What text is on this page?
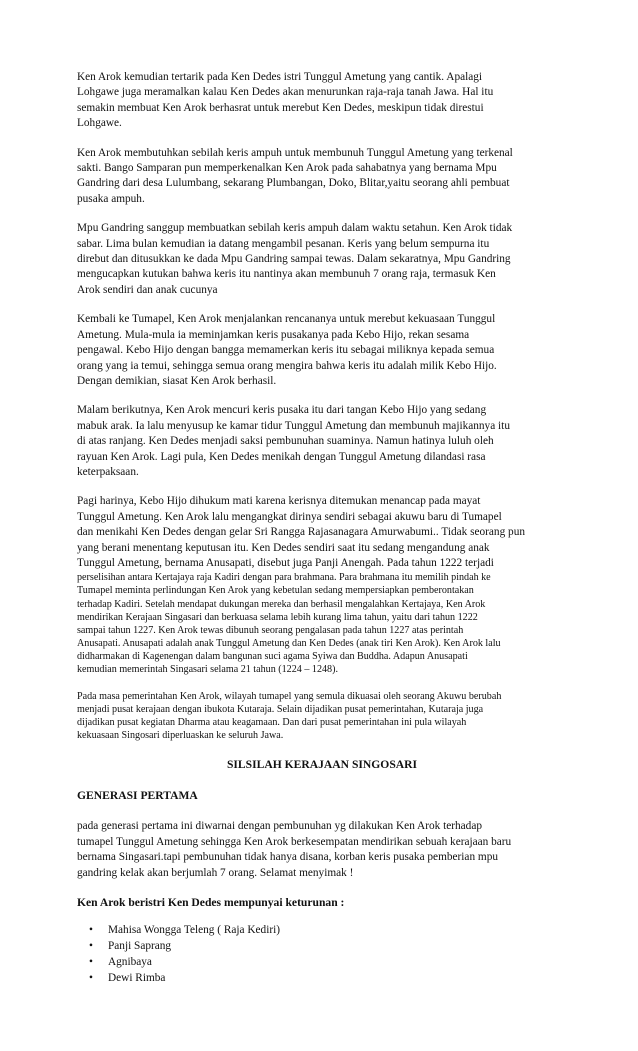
Ken Arok kemudian tertarik pada Ken Dedes istri Tunggul Ametung yang cantik. Apalagi
Lohgawe juga meramalkan kalau Ken Dedes akan menurunkan raja-raja tanah Jawa. Hal itu
semakin membuat Ken Arok berhasrat untuk merebut Ken Dedes, meskipun tidak direstui
Lohgawe.

Ken Arok membutuhkan sebilah keris ampuh untuk membunuh Tunggul Ametung yang terkenal
sakti. Bango Samparan pun memperkenalkan Ken Arok pada sahabatnya yang bernama Mpu
Gandring dari desa Lulumbang, sekarang Plumbangan, Doko, Blitar,yaitu seorang ahli pembuat
pusaka ampuh.

Mpu Gandring sanggup membuatkan sebilah keris ampuh dalam waktu setahun. Ken Arok tidak
sabar. Lima bulan kemudian ia datang mengambil pesanan. Keris yang belum sempurna itu
direbut dan ditusukkan ke dada Mpu Gandring sampai tewas. Dalam sekaratnya, Mpu Gandring
mengucapkan kutukan bahwa keris itu nantinya akan membunuh 7 orang raja, termasuk Ken
Arok sendiri dan anak cucunya

Kembali ke Tumapel, Ken Arok menjalankan rencananya untuk merebut kekuasaan Tunggul
Ametung. Mula-mula ia meminjamkan keris pusakanya pada Kebo Hijo, rekan sesama
pengawal. Kebo Hijo dengan bangga memamerkan keris itu sebagai miliknya kepada semua
orang yang ia temui, sehingga semua orang mengira bahwa keris itu adalah milik Kebo Hijo.
Dengan demikian, siasat Ken Arok berhasil.

Malam berikutnya, Ken Arok mencuri keris pusaka itu dari tangan Kebo Hijo yang sedang
mabuk arak. Ia lalu menyusup ke kamar tidur Tunggul Ametung dan membunuh majikannya itu
di atas ranjang. Ken Dedes menjadi saksi pembunuhan suaminya. Namun hatinya luluh oleh
rayuan Ken Arok. Lagi pula, Ken Dedes menikah dengan Tunggul Ametung dilandasi rasa
keterpaksaan.

Pagi harinya, Kebo Hijo dihukum mati karena kerisnya ditemukan menancap pada mayat
Tunggul Ametung. Ken Arok lalu mengangkat dirinya sendiri sebagai akuwu baru di Tumapel
dan menikahi Ken Dedes dengan gelar Sri Rangga Rajasanagara Amurwabumi.. Tidak seorang pun
yang berani menentang keputusan itu. Ken Dedes sendiri saat itu sedang mengandung anak
Tunggul Ametung, bernama Anusapati, disebut juga Panji Anengah. Pada tahun 1222 terjadi

perselisihan antara Kertajaya raja Kadiri dengan para brahmana. Para brahmana itu memilih pindah ke
Tumapel meminta perlindungan Ken Arok yang kebetulan sedang mempersiapkan pemberontakan
terhadap Kadiri. Setelah mendapat dukungan mereka dan berhasil mengalahkan Kertajaya, Ken Arok
mendirikan Kerajaan Singasari dan berkuasa selama lebih kurang lima tahun, yaitu dari tahun 1222
sampai tahun 1227. Ken Arok tewas dibunuh seorang pengalasan pada tahun 1227 atas perintah
Anusapati. Anusapati adalah anak Tunggul Ametung dan Ken Dedes (anak tiri Ken Arok). Ken Arok lalu
didharmakan di Kagenengan dalam bangunan suci agama Syiwa dan Buddha. Adapun Anusapati
kemudian memerintah Singasari selama 21 tahun (1224 – 1248).

Pada masa pemerintahan Ken Arok, wilayah tumapel yang semula dikuasai oleh seorang Akuwu berubah
menjadi pusat kerajaan dengan ibukota Kutaraja. Selain dijadikan pusat pemerintahan, Kutaraja juga
dijadikan pusat kegiatan Dharma atau keagamaan. Dan dari pusat pemerintahan ini pula wilayah
kekuasaan Singosari diperluaskan ke seluruh Jawa.

SILSILAH KERAJAAN SINGOSARI
GENERASI PERTAMA

pada generasi pertama ini diwarnai dengan pembunuhan yg dilakukan Ken Arok terhadap
tumapel Tunggul Ametung sehingga Ken Arok berkesempatan mendirikan sebuah kerajaan baru
bernama Singasari.tapi pembunuhan tidak hanya disana, korban keris pusaka pemberian mpu
gandring kelak akan berjumlah 7 orang. Selamat menyimak !

Ken Arok beristri Ken Dedes mempunyai keturunan :
• Mahisa Wongga Teleng ( Raja Kediri)
• Panji Saprang
• Agnibaya
• Dewi Rimba
